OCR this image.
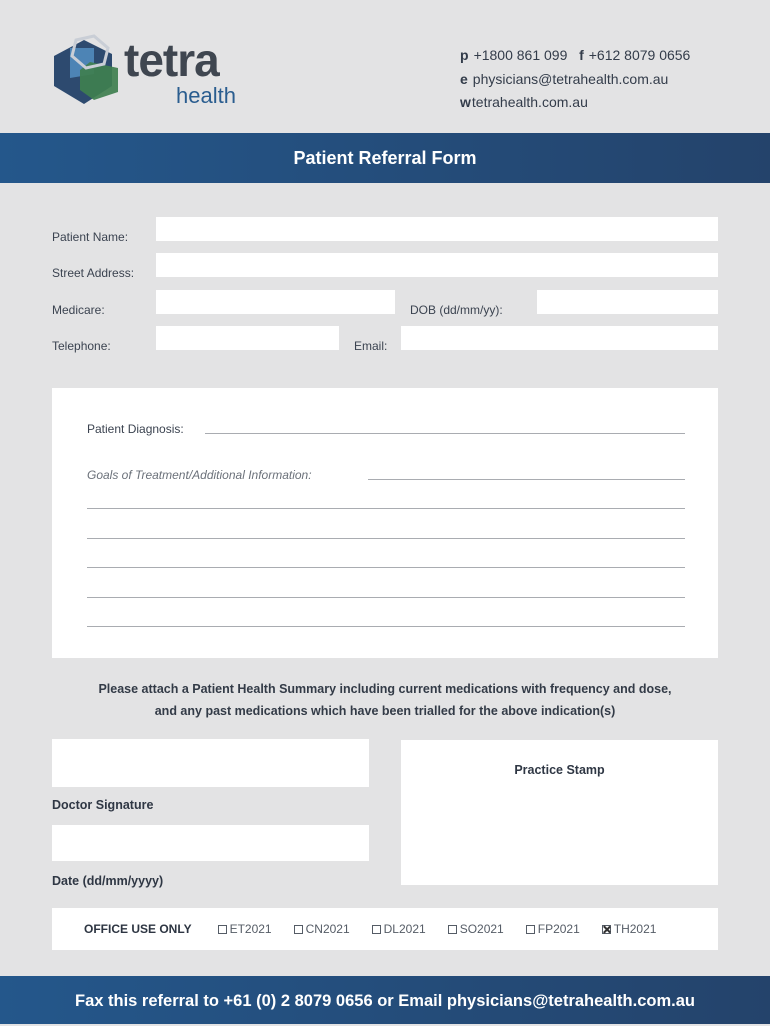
tetra
health
p +1800 861 099 f +612 8079 0656
e physicians@tetrahealth.com.au
wtetrahealth.com.au
Patient Referral Form
Patient Name:
Street Address:
Medicare:	DOB (dd/mm/yy):
Telephone:	Email:
Patient Diagnosis:
Goals of Treatment/Additional Information:
Please attach a Patient Health Summary including current medications with frequency and dose,
and any past medications which have been trialled for the above indication(s)
Doctor Signature
Date (dd/mm/yyyy)
Practice Stamp
OFFICE USE ONLY	ET2021	CN2021	DL2021	SO2021	FP2021	TH2021
Fax this referral to +61 (0) 2 8079 0656 or Email physicians@tetrahealth.com.au
